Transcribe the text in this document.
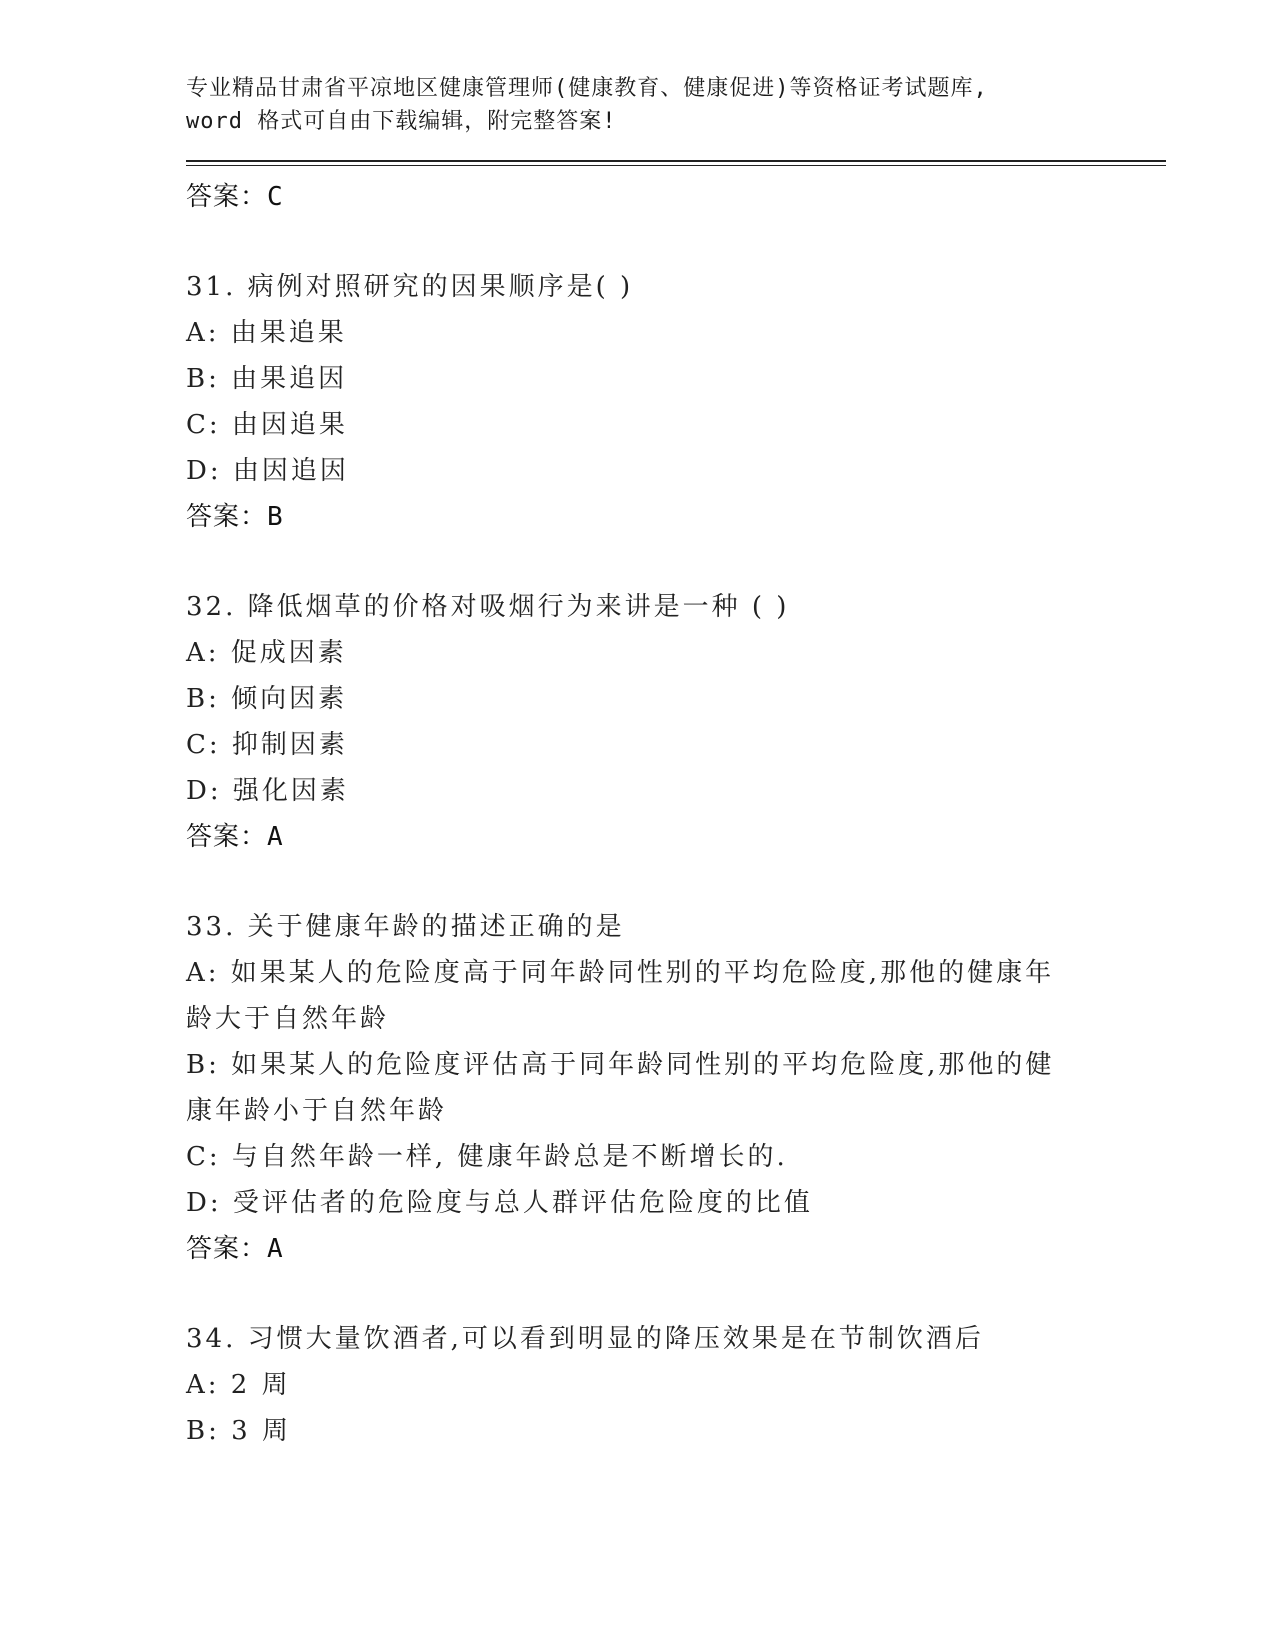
专业精品甘肃省平凉地区健康管理师(健康教育、健康促进)等资格证考试题库,
word 格式可自由下载编辑，附完整答案!
答案：C
31. 病例对照研究的因果顺序是( )
A: 由果追果
B: 由果追因
C: 由因追果
D: 由因追因
答案：B
32. 降低烟草的价格对吸烟行为来讲是一种 ( )
A: 促成因素
B: 倾向因素
C: 抑制因素
D: 强化因素
答案：A
33. 关于健康年龄的描述正确的是
A: 如果某人的危险度高于同年龄同性别的平均危险度,那他的健康年龄大于自然年龄
B: 如果某人的危险度评估高于同年龄同性别的平均危险度,那他的健康年龄小于自然年龄
C: 与自然年龄一样, 健康年龄总是不断增长的.
D: 受评估者的危险度与总人群评估危险度的比值
答案：A
34. 习惯大量饮酒者,可以看到明显的降压效果是在节制饮酒后
A: 2 周
B: 3 周
